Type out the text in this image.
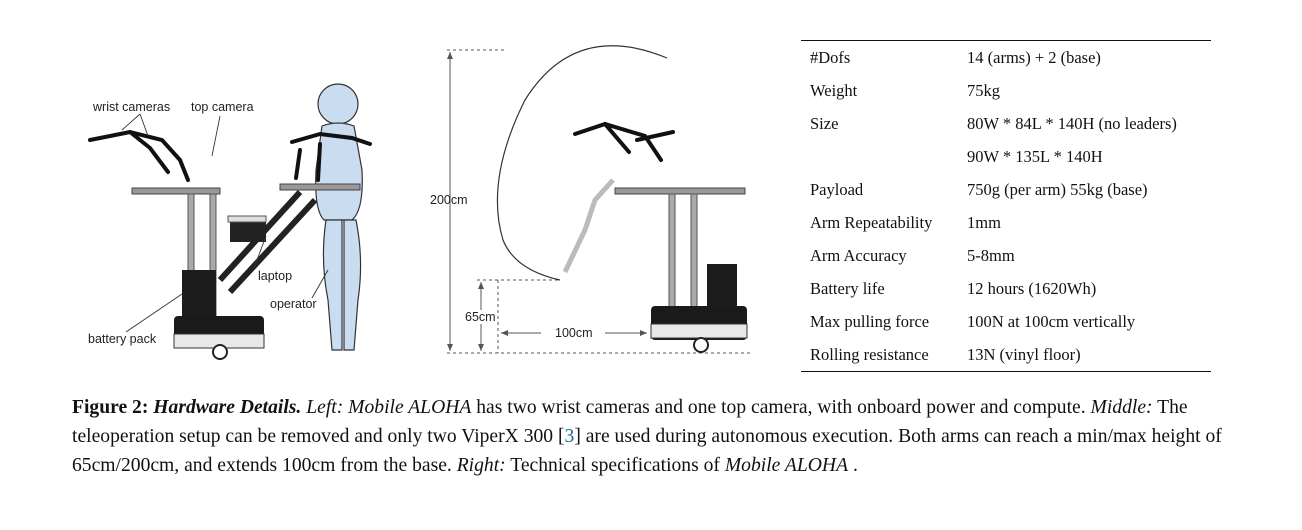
wrist cameras top camera
laptop
operator
battery pack
200cm
65cm
100cm
#Dofs	14 (arms) + 2 (base)
Weight	75kg
Size	80W * 84L * 140H (no leaders)
	90W * 135L * 140H
Payload	750g (per arm) 55kg (base)
Arm Repeatability	1mm
Arm Accuracy	5-8mm
Battery life	12 hours (1620Wh)
Max pulling force	100N at 100cm vertically
Rolling resistance	13N (vinyl floor)
Figure 2: Hardware Details. Left: Mobile ALOHA has two wrist cameras and one top camera, with onboard power and compute. Middle: The teleoperation setup can be removed and only two ViperX 300 [3] are used during autonomous execution. Both arms can reach a min/max height of 65cm/200cm, and extends 100cm from the base. Right: Technical specifications of Mobile ALOHA .
